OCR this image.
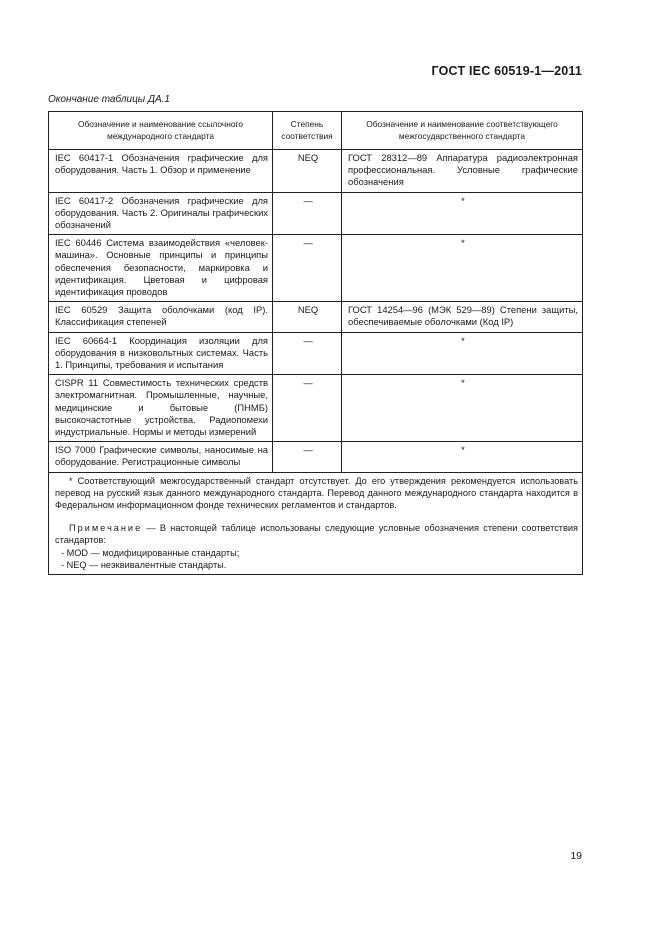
ГОСТ IEC 60519-1—2011
Окончание таблицы ДА.1
Обозначение и наименование ссылочного международного стандарта	Степень соответствия	Обозначение и наименование соответствующего межгосударственного стандарта
IEC 60417-1 Обозначения графические для оборудования. Часть 1. Обзор и применение	NEQ	ГОСТ 28312—89 Аппаратура радиоэлектронная профессиональная. Условные графические обозначения
IEC 60417-2 Обозначения графические для оборудования. Часть 2. Оригиналы графических обозначений	—	*
IEC 60446 Система взаимодействия «человек-машина». Основные принципы и принципы обеспечения безопасности, маркировка и идентификация. Цветовая и цифровая идентификация проводов	—	*
IEC 60529 Защита оболочками (код IP). Классификация степеней	NEQ	ГОСТ 14254—96 (МЭК 529—89) Степени защиты, обеспечиваемые оболочками (Код IP)
IEC 60664-1 Координация изоляции для оборудования в низковольтных системах. Часть 1. Принципы, требования и испытания	—	*
CISPR 11 Совместимость технических средств электромагнитная. Промышленные, научные, медицинские и бытовые (ПНМБ) высокочастотные устройства. Радиопомехи индустриальные. Нормы и методы измерений	—	*
ISO 7000 Графические символы, наносимые на оборудование. Регистрационные символы	—	*

* Соответствующий межгосударственный стандарт отсутствует. До его утверждения рекомендуется использовать перевод на русский язык данного международного стандарта. Перевод данного международного стандарта находится в Федеральном информационном фонде технических регламентов и стандартов.

Примечание — В настоящей таблице использованы следующие условные обозначения степени соответствия стандартов:

- MOD — модифицированные стандарты;

- NEQ — неэквивалентные стандарты.		

19
